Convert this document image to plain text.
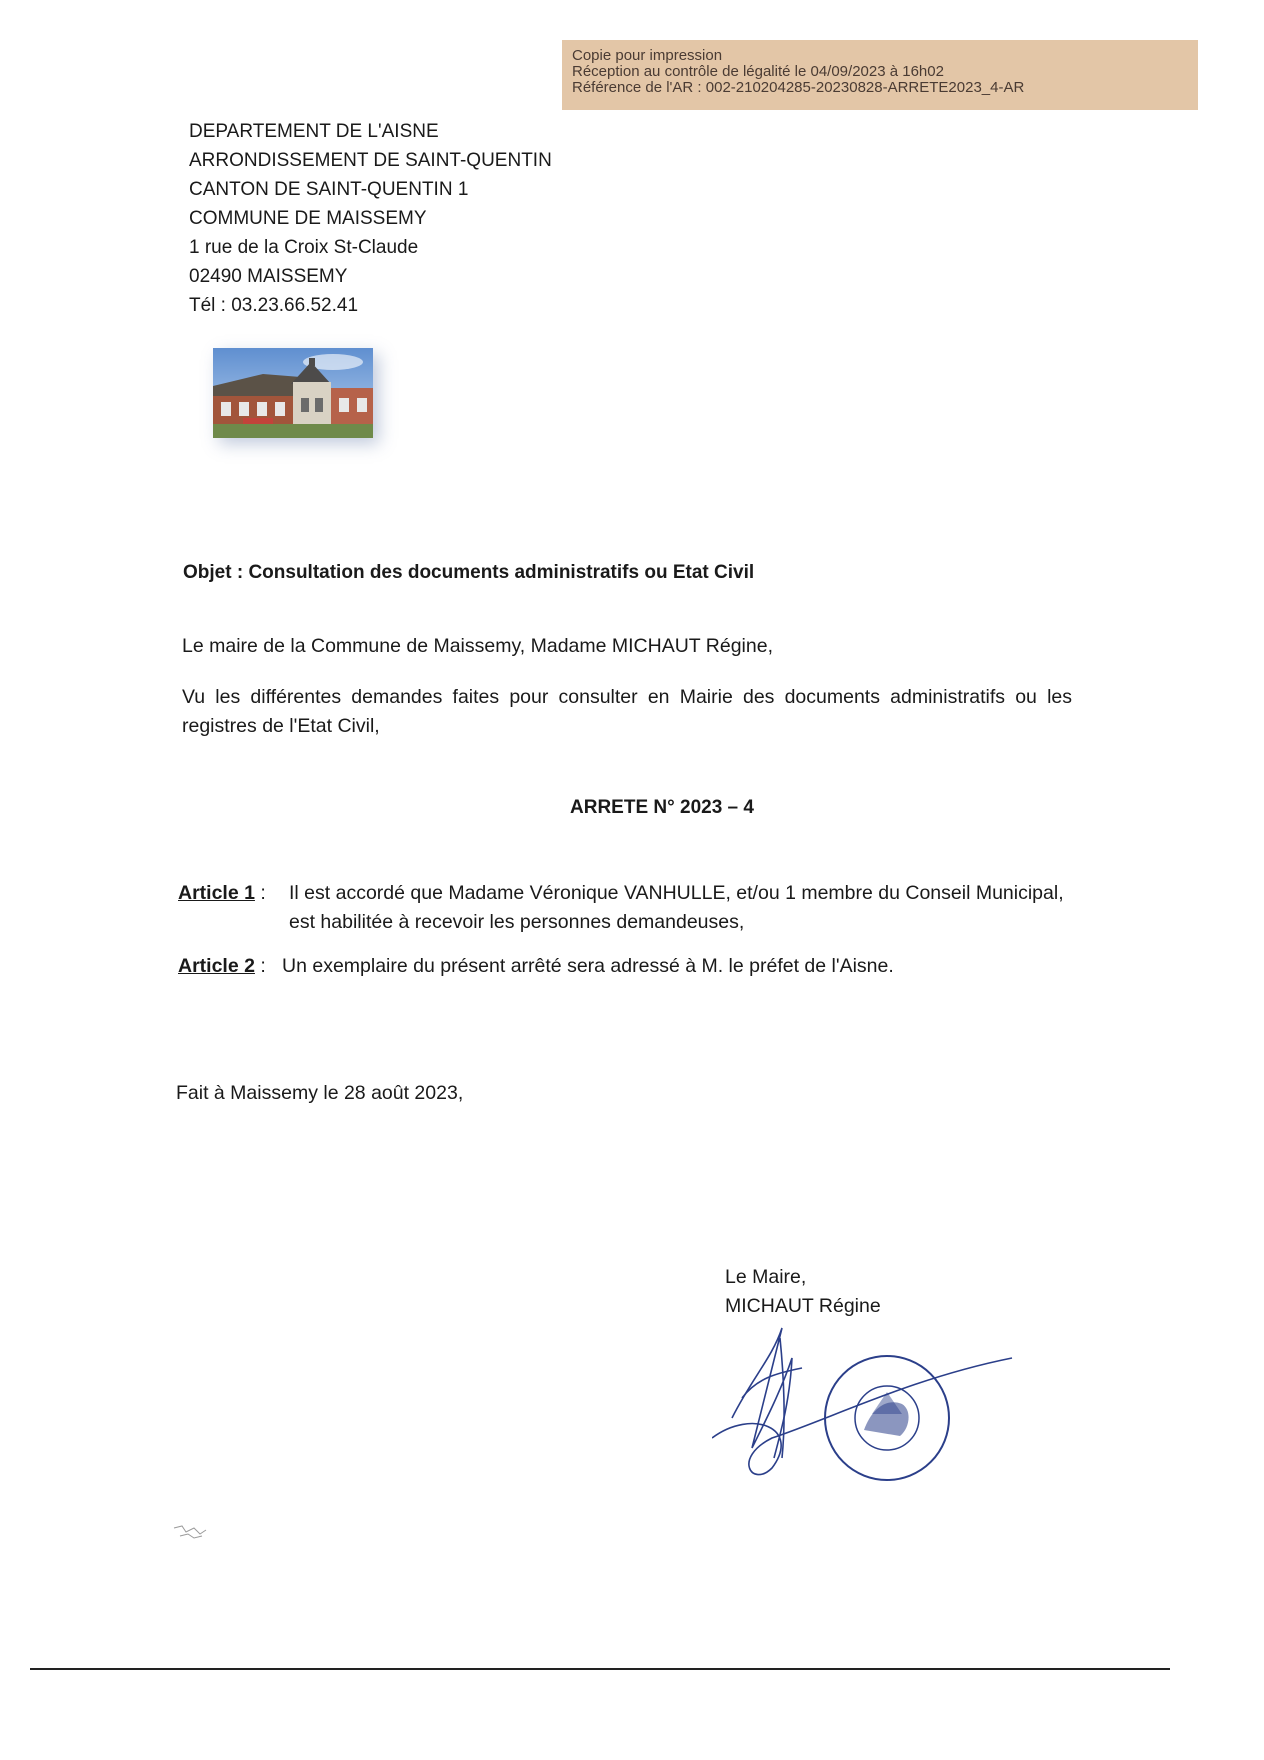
Copie pour impression
Réception au contrôle de légalité le 04/09/2023 à 16h02
Référence de l'AR : 002-210204285-20230828-ARRETE2023_4-AR
DEPARTEMENT DE L'AISNE
ARRONDISSEMENT DE SAINT-QUENTIN
CANTON DE SAINT-QUENTIN 1
COMMUNE DE MAISSEMY
1 rue de la Croix St-Claude
02490 MAISSEMY
Tél : 03.23.66.52.41
Objet : Consultation des documents administratifs ou Etat Civil
Le maire de la Commune de Maissemy, Madame MICHAUT Régine,
Vu les différentes demandes faites pour consulter en Mairie des documents administratifs ou les registres de l'Etat Civil,
ARRETE N° 2023 – 4
Article 1 : Il est accordé que Madame Véronique VANHULLE, et/ou 1 membre du Conseil Municipal,
est habilitée à recevoir les personnes demandeuses,
Article 2 : Un exemplaire du présent arrêté sera adressé à M. le préfet de l'Aisne.
Fait à Maissemy le 28 août 2023,
Le Maire,
MICHAUT Régine
